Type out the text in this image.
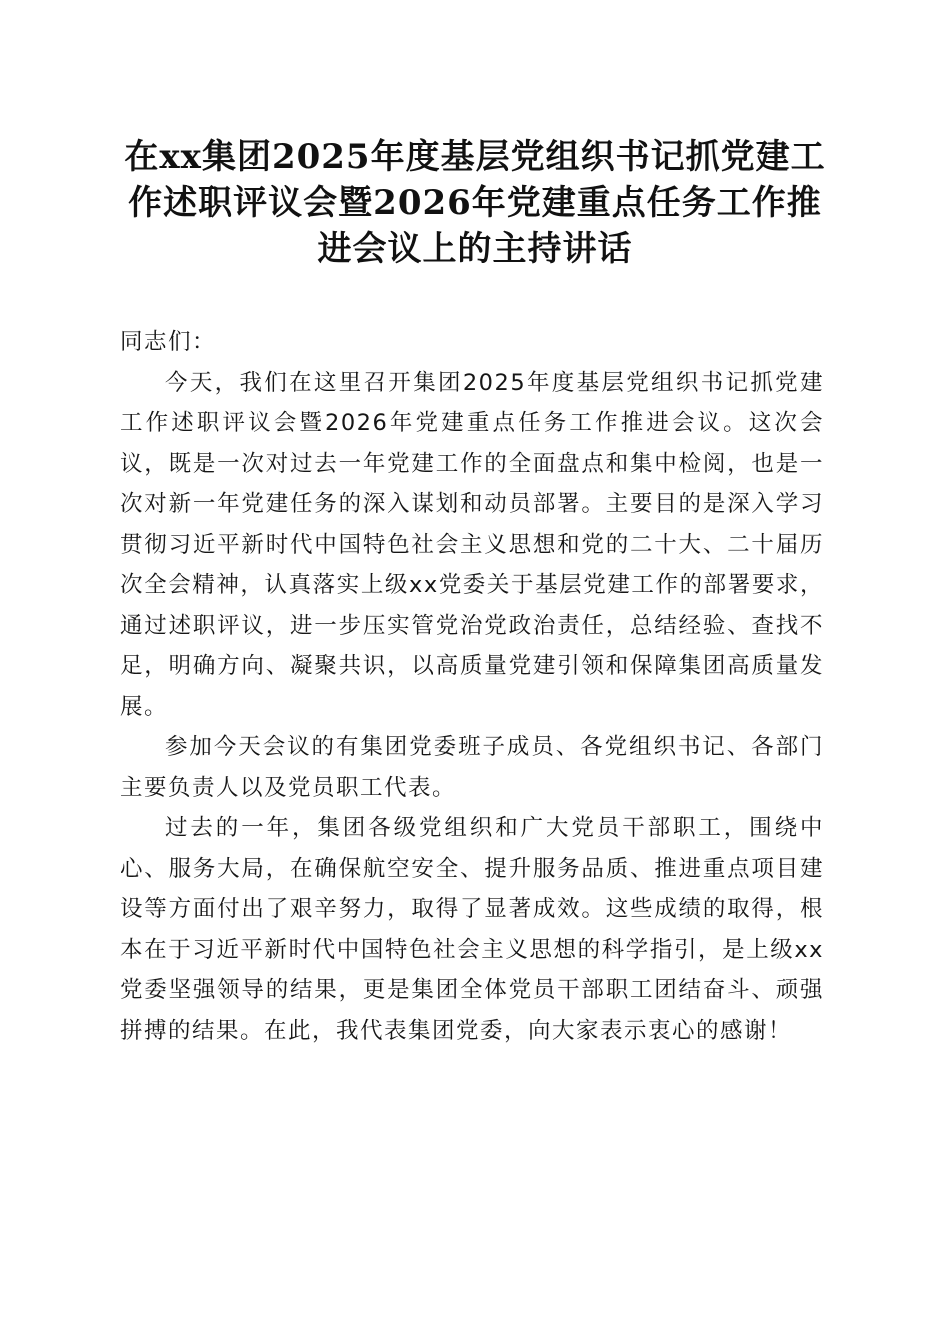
在xx集团2025年度基层党组织书记抓党建工
作述职评议会暨2026年党建重点任务工作推
进会议上的主持讲话

同志们：

今天，我们在这里召开集团2025年度基层党组织书记抓党建工作述职评议会暨2026年党建重点任务工作推进会议。这次会议，既是一次对过去一年党建工作的全面盘点和集中检阅，也是一次对新一年党建任务的深入谋划和动员部署。主要目的是深入学习贯彻习近平新时代中国特色社会主义思想和党的二十大、二十届历次全会精神，认真落实上级xx党委关于基层党建工作的部署要求，通过述职评议，进一步压实管党治党政治责任，总结经验、查找不足，明确方向、凝聚共识，以高质量党建引领和保障集团高质量发展。

参加今天会议的有集团党委班子成员、各党组织书记、各部门主要负责人以及党员职工代表。

过去的一年，集团各级党组织和广大党员干部职工，围绕中心、服务大局，在确保航空安全、提升服务品质、推进重点项目建设等方面付出了艰辛努力，取得了显著成效。这些成绩的取得，根本在于习近平新时代中国特色社会主义思想的科学指引，是上级xx党委坚强领导的结果，更是集团全体党员干部职工团结奋斗、顽强拼搏的结果。在此，我代表集团党委，向大家表示衷心的感谢！
